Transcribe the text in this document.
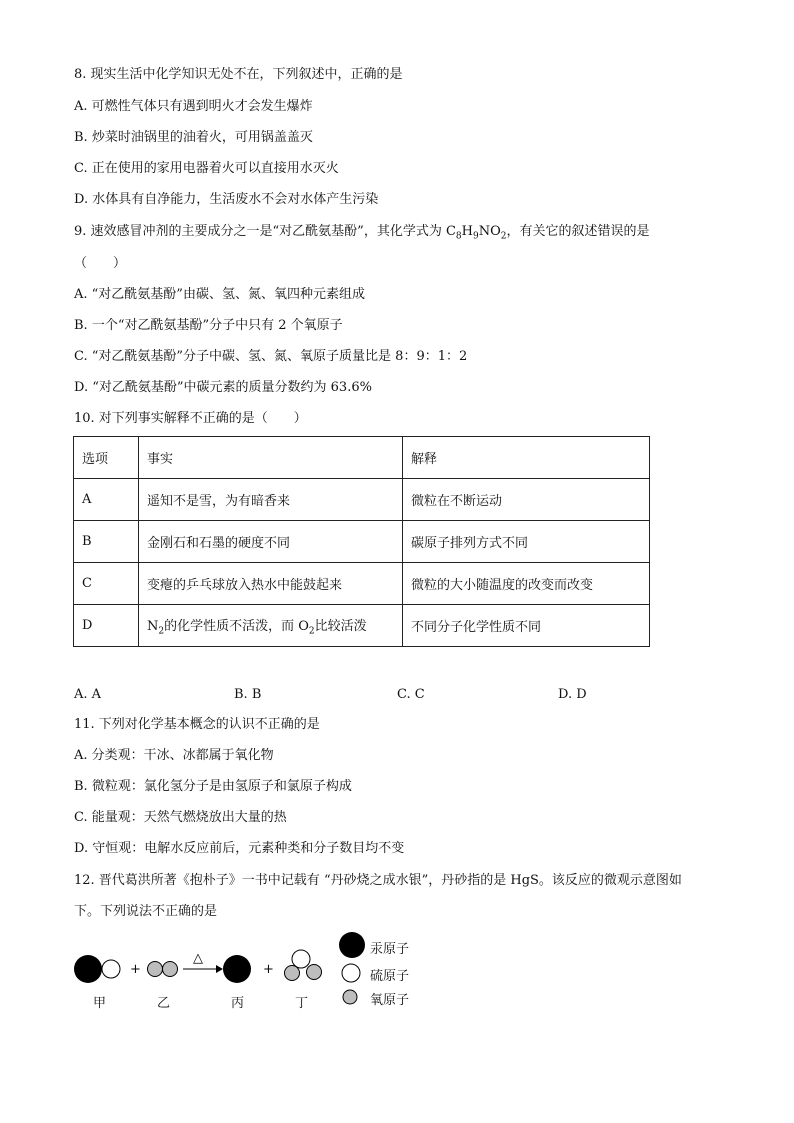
8. 现实生活中化学知识无处不在，下列叙述中，正确的是
A. 可燃性气体只有遇到明火才会发生爆炸
B. 炒菜时油锅里的油着火，可用锅盖盖灭
C. 正在使用的家用电器着火可以直接用水灭火
D. 水体具有自净能力，生活废水不会对水体产生污染
9. 速效感冒冲剂的主要成分之一是“对乙酰氨基酚”，其化学式为 $C_8H_9NO_2$，有关它的叙述错误的是
（　　）
A. “对乙酰氨基酚”由碳、氢、氮、氧四种元素组成
B. 一个“对乙酰氨基酚”分子中只有 2 个氧原子
C. “对乙酰氨基酚”分子中碳、氢、氮、氧原子质量比是 8：9：1：2
D. “对乙酰氨基酚”中碳元素的质量分数约为 63.6%
10. 对下列事实解释不正确的是（　　）
选项	事实	解释
A	遥知不是雪，为有暗香来	微粒在不断运动
B	金刚石和石墨的硬度不同	碳原子排列方式不同
C	变瘪的乒乓球放入热水中能鼓起来	微粒的大小随温度的改变而改变
D	$N_2$的化学性质不活泼，而 $O_2$比较活泼	不同分子化学性质不同
A. A	B. B	C. C	D. D
11. 下列对化学基本概念的认识不正确的是
A. 分类观：干冰、冰都属于氧化物
B. 微粒观：氯化氢分子是由氢原子和氯原子构成
C. 能量观：天然气燃烧放出大量的热
D. 守恒观：电解水反应前后，元素种类和分子数目均不变
12. 晋代葛洪所著《抱朴子》一书中记载有 “丹砂烧之成水银”，丹砂指的是 HgS。该反应的微观示意图如
下。下列说法不正确的是
+
△
+
甲	乙	丙	丁
汞原子
硫原子
氧原子
